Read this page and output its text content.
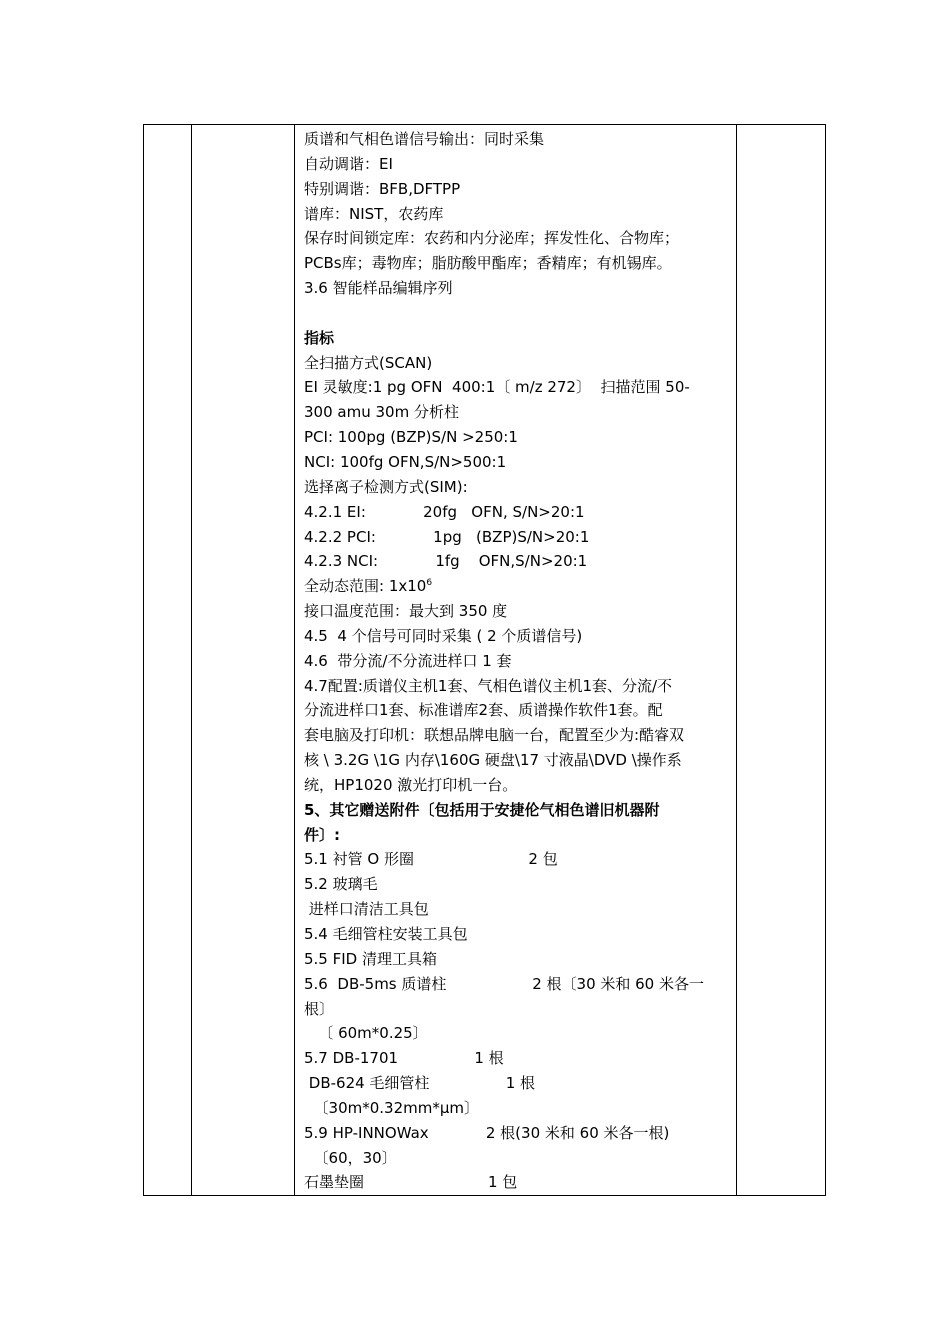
质谱和气相色谱信号输出：同时采集
自动调谐：EI
特别调谐：BFB,DFTPP
谱库：NIST，农药库
保存时间锁定库：农药和内分泌库；挥发性化、合物库；
PCBs库；毒物库；脂肪酸甲酯库；香精库；有机锡库。
3.6 智能样品编辑序列
指标
全扫描方式(SCAN)
EI 灵敏度:1 pg OFN  400:1〔 m/z 272〕  扫描范围 50-
300 amu 30m 分析柱
PCI: 100pg (BZP)S/N >250:1
NCI: 100fg OFN,S/N>500:1
选择离子检测方式(SIM):
4.2.1 EI:            20fg   OFN, S/N>20:1
4.2.2 PCI:            1pg   (BZP)S/N>20:1
4.2.3 NCI:            1fg    OFN,S/N>20:1
全动态范围: $1x10^6$
接口温度范围：最大到 350 度
4.5  4 个信号可同时采集 ( 2 个质谱信号)
4.6  带分流/不分流进样口 1 套
4.7配置:质谱仪主机1套、气相色谱仪主机1套、分流/不
分流进样口1套、标准谱库2套、质谱操作软件1套。配
套电脑及打印机：联想品牌电脑一台，配置至少为:酷睿双
核 \ 3.2G \1G 内存\160G 硬盘\17 寸液晶\DVD \操作系
统，HP1020 激光打印机一台。
5、其它赠送附件〔包括用于安捷伦气相色谱旧机器附
件〕:
5.1 衬管 O 形圈                        2 包
5.2 玻璃毛
进样口清洁工具包
5.4 毛细管柱安装工具包
5.5 FID 清理工具箱
5.6  DB-5ms 质谱柱                  2 根〔30 米和 60 米各一
根〕
〔 60m*0.25〕
5.7 DB-1701                1 根
DB-624 毛细管柱                1 根
〔30m*0.32mm*μm〕
5.9 HP-INNOWax            2 根(30 米和 60 米各一根)
〔60，30〕
石墨垫圈                          1 包
